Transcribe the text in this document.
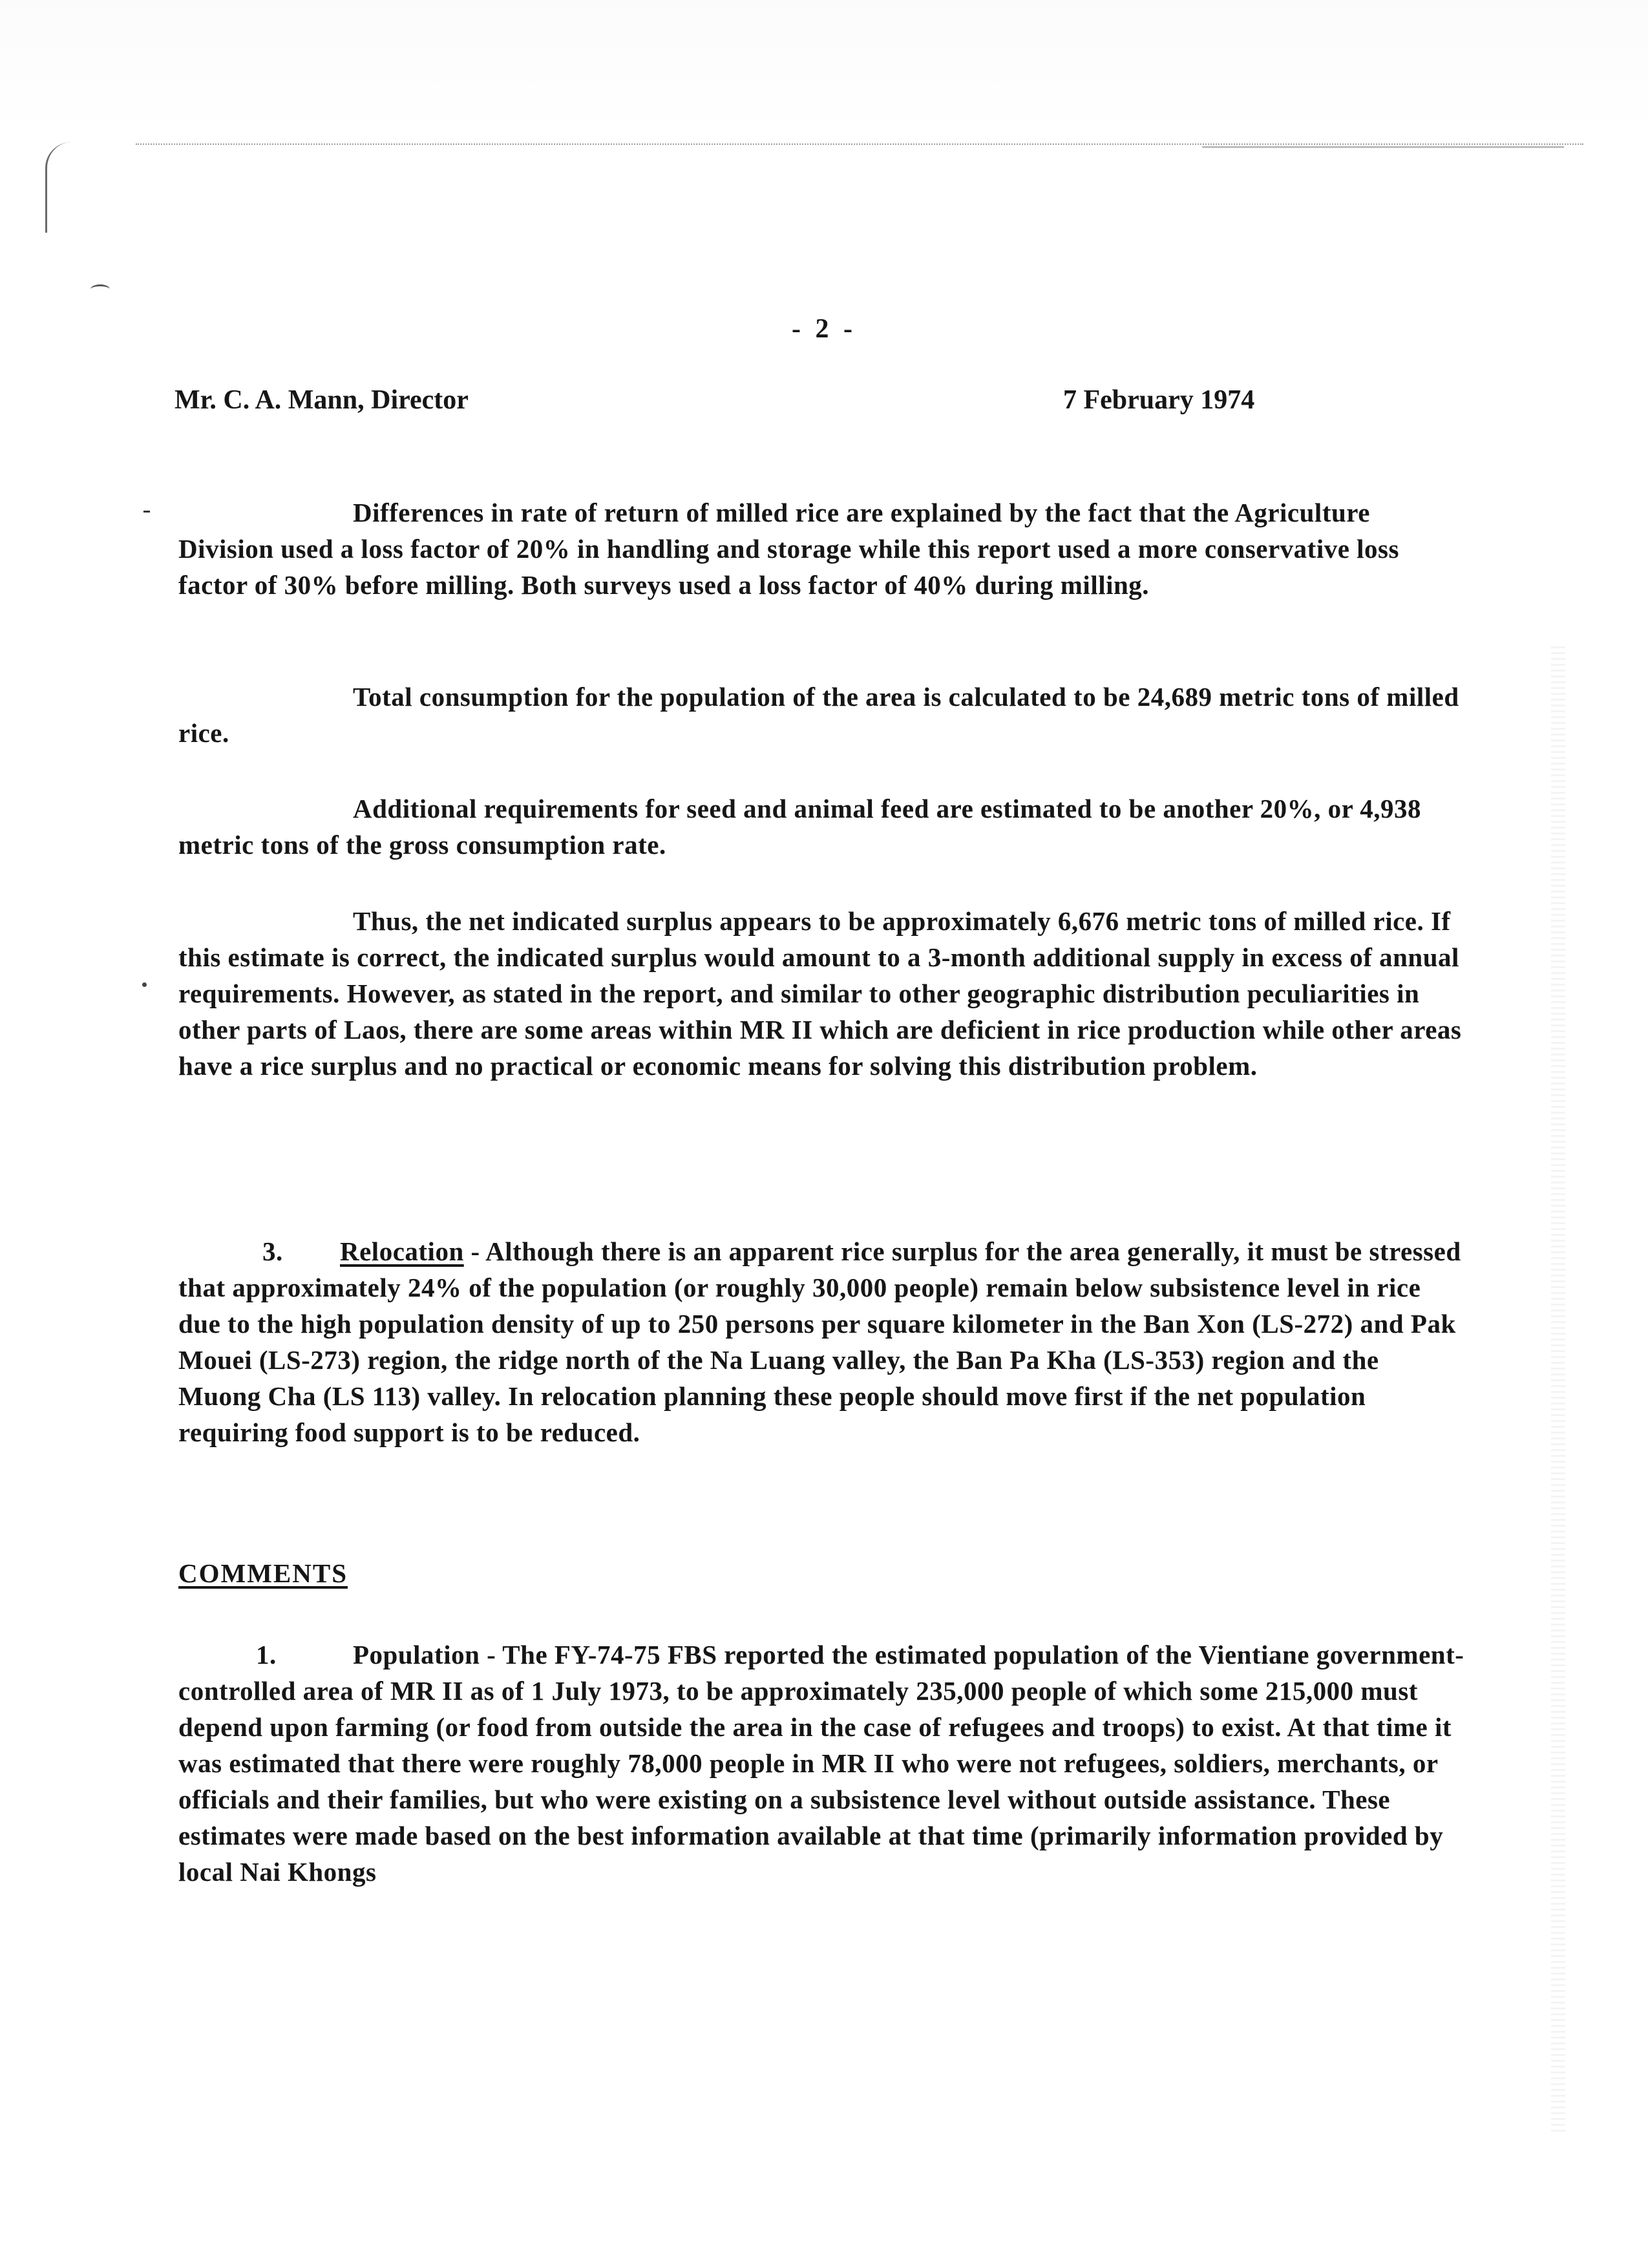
- 2 -
Mr. C. A. Mann, Director	7 February 1974

Differences in rate of return of milled rice are explained by the fact that the Agriculture Division used a loss factor of 20% in handling and storage while this report used a more conservative loss factor of 30% before milling. Both surveys used a loss factor of 40% during milling.

Total consumption for the population of the area is calculated to be 24,689 metric tons of milled rice.

Additional requirements for seed and animal feed are estimated to be another 20%, or 4,938 metric tons of the gross consumption rate.

Thus, the net indicated surplus appears to be approximately 6,676 metric tons of milled rice. If this estimate is correct, the indicated surplus would amount to a 3-month additional supply in excess of annual requirements. However, as stated in the report, and similar to other geographic distribution peculiarities in other parts of Laos, there are some areas within MR II which are deficient in rice production while other areas have a rice surplus and no practical or economic means for solving this distribution problem.

3. Relocation - Although there is an apparent rice surplus for the area generally, it must be stressed that approximately 24% of the population (or roughly 30,000 people) remain below subsistence level in rice due to the high population density of up to 250 persons per square kilometer in the Ban Xon (LS-272) and Pak Mouei (LS-273) region, the ridge north of the Na Luang valley, the Ban Pa Kha (LS-353) region and the Muong Cha (LS 113) valley. In relocation planning these people should move first if the net population requiring food support is to be reduced.

COMMENTS

1.	Population - The FY-74-75 FBS reported the estimated population of the Vientiane government-controlled area of MR II as of 1 July 1973, to be approximately 235,000 people of which some 215,000 must depend upon farming (or food from outside the area in the case of refugees and troops) to exist. At that time it was estimated that there were roughly 78,000 people in MR II who were not refugees, soldiers, merchants, or officials and their families, but who were existing on a subsistence level without outside assistance. These estimates were made based on the best information available at that time (primarily information provided by local Nai Khongs
